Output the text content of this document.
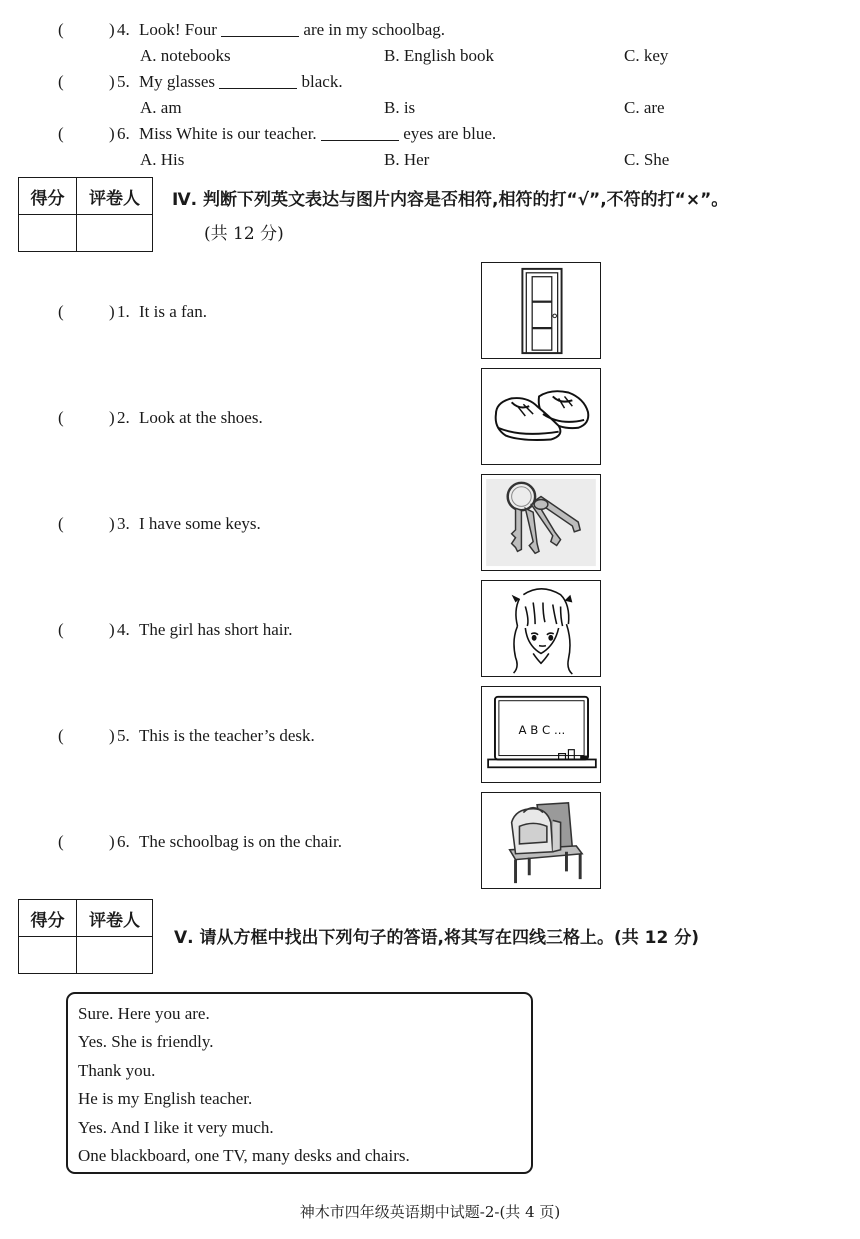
(	) 4. Look! Four	are in my schoolbag.
A. notebooks	B. English book	C. key
(	) 5. My glasses	black.
A. am	B. is	C. are
(	) 6. Miss White is our teacher.	eyes are blue.
A. His	B. Her	C. She
得分	评卷人
	Ⅳ. 判断下列英文表达与图片内容是否相符,相符的打“√”,不符的打“×”。
(共 12 分)
(	) 1. It is a fan.
(	) 2. Look at the shoes.
(	) 3. I have some keys.
(	) 4. The girl has short hair.
(	) 5. This is the teacher’s desk.
(	) 6. The schoolbag is on the chair.
A B C ...
得分	评卷人

Ⅴ. 请从方框中找出下列句子的答语,将其写在四线三格上。(共 12 分)
Sure. Here you are.
Yes. She is friendly.
Thank you.
He is my English teacher.
Yes. And I like it very much.
One blackboard, one TV, many desks and chairs.
神木市四年级英语期中试题-2-(共 4 页)
